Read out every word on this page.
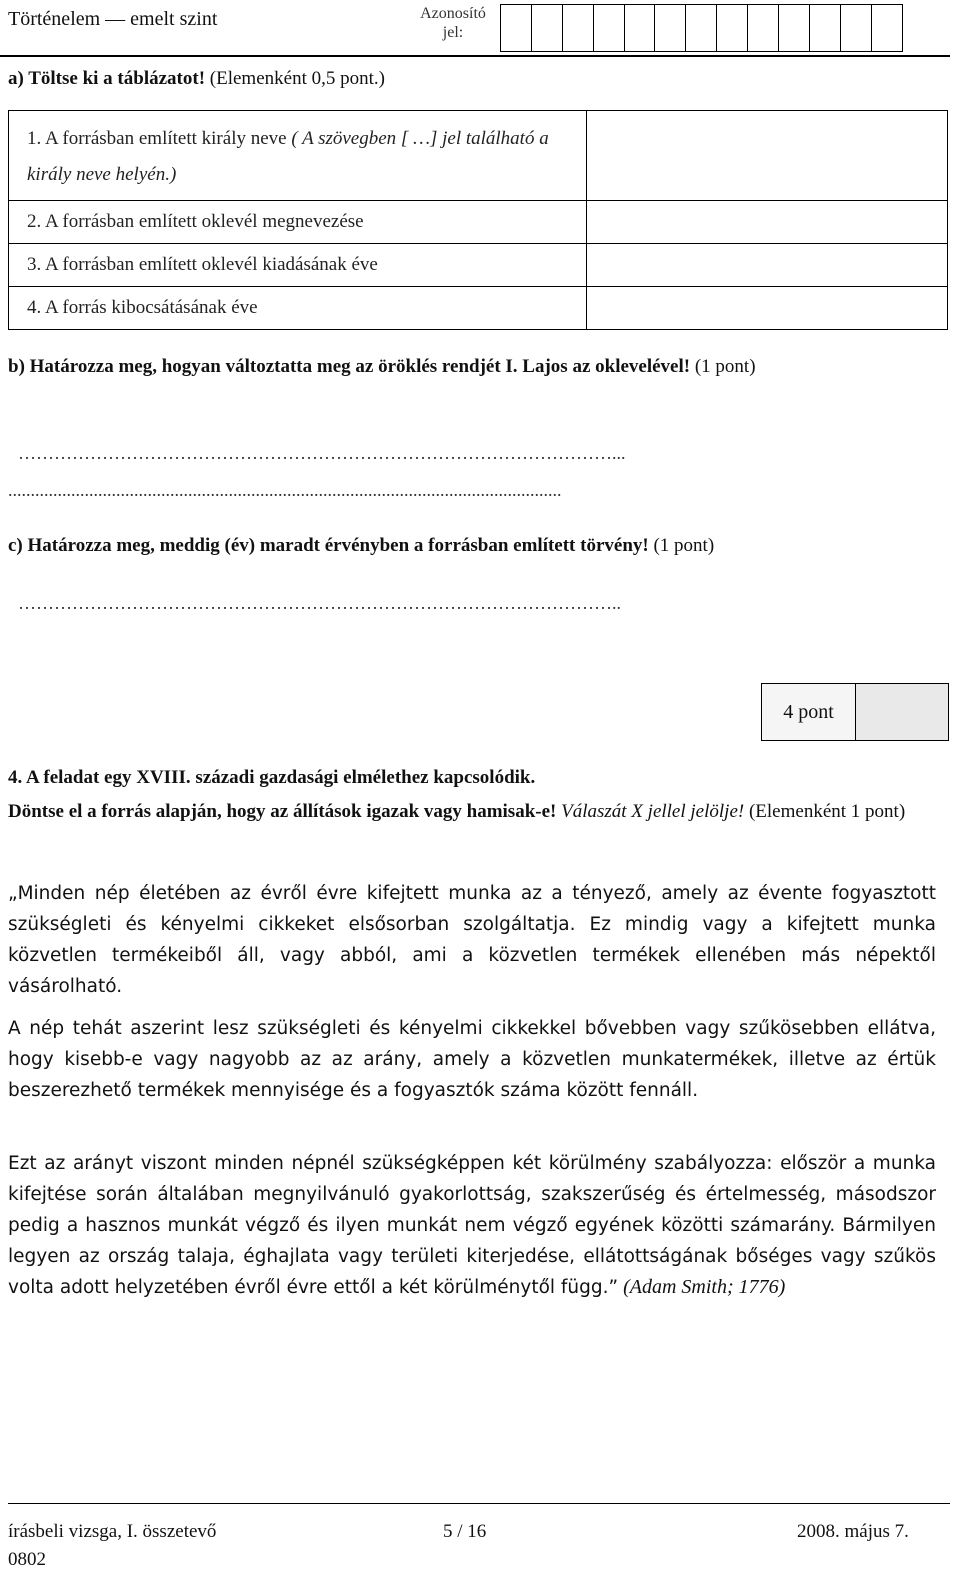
Történelem — emelt szint	Azonosító jel:
a) Töltse ki a táblázatot! (Elemenként 0,5 pont.)
1. A forrásban említett király neve ( A szövegben [ …] jel található a király neve helyén.)	
2. A forrásban említett oklevél megnevezése	
3. A forrásban említett oklevél kiadásának éve	
4. A forrás kibocsátásának éve	
b) Határozza meg, hogyan változtatta meg az öröklés rendjét I. Lajos az oklevelével! (1 pont)
………………………………………………………………………………………...
...........................................................................................................................
c) Határozza meg, meddig (év) maradt érvényben a forrásban említett törvény! (1 pont)
………………………………………………………………………………………..
4 pont
4. A feladat egy XVIII. századi gazdasági elmélethez kapcsolódik.
Döntse el a forrás alapján, hogy az állítások igazak vagy hamisak-e! Válaszát X jellel jelölje! (Elemenként 1 pont)
„Minden nép életében az évről évre kifejtett munka az a tényező, amely az évente fogyasztott szükségleti és kényelmi cikkeket elsősorban szolgáltatja. Ez mindig vagy a kifejtett munka közvetlen termékeiből áll, vagy abból, ami a közvetlen termékek ellenében más népektől vásárolható.
A nép tehát aszerint lesz szükségleti és kényelmi cikkekkel bővebben vagy szűkösebben ellátva, hogy kisebb-e vagy nagyobb az az arány, amely a közvetlen munkatermékek, illetve az értük beszerezhető termékek mennyisége és a fogyasztók száma között fennáll.
Ezt az arányt viszont minden népnél szükségképpen két körülmény szabályozza: először a munka kifejtése során általában megnyilvánuló gyakorlottság, szakszerűség és értelmesség, másodszor pedig a hasznos munkát végző és ilyen munkát nem végző egyének közötti számarány. Bármilyen legyen az ország talaja, éghajlata vagy területi kiterjedése, ellátottságának bőséges vagy szűkös volta adott helyzetében évről évre ettől a két körülménytől függ.” (Adam Smith; 1776)
írásbeli vizsga, I. összetevő
0802
5 / 16	2008. május 7.
